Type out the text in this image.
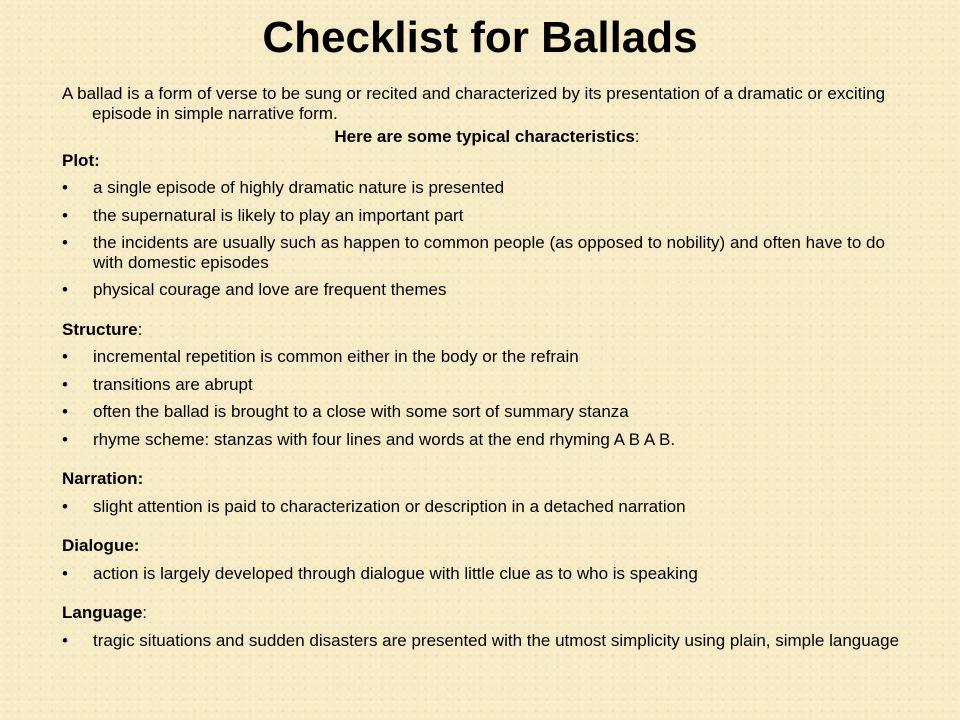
Checklist for Ballads

A ballad is a form of verse to be sung or recited and characterized by its presentation of a dramatic or exciting episode in simple narrative form.

Here are some typical characteristics:

Plot:

• a single episode of highly dramatic nature is presented
• the supernatural is likely to play an important part
• the incidents are usually such as happen to common people (as opposed to nobility) and often have to do with domestic episodes
• physical courage and love are frequent themes

Structure:

• incremental repetition is common either in the body or the refrain
• transitions are abrupt
• often the ballad is brought to a close with some sort of summary stanza
• rhyme scheme: stanzas with four lines and words at the end rhyming A B A B.

Narration:

• slight attention is paid to characterization or description in a detached narration

Dialogue:

• action is largely developed through dialogue with little clue as to who is speaking

Language:

• tragic situations and sudden disasters are presented with the utmost simplicity using plain, simple language
